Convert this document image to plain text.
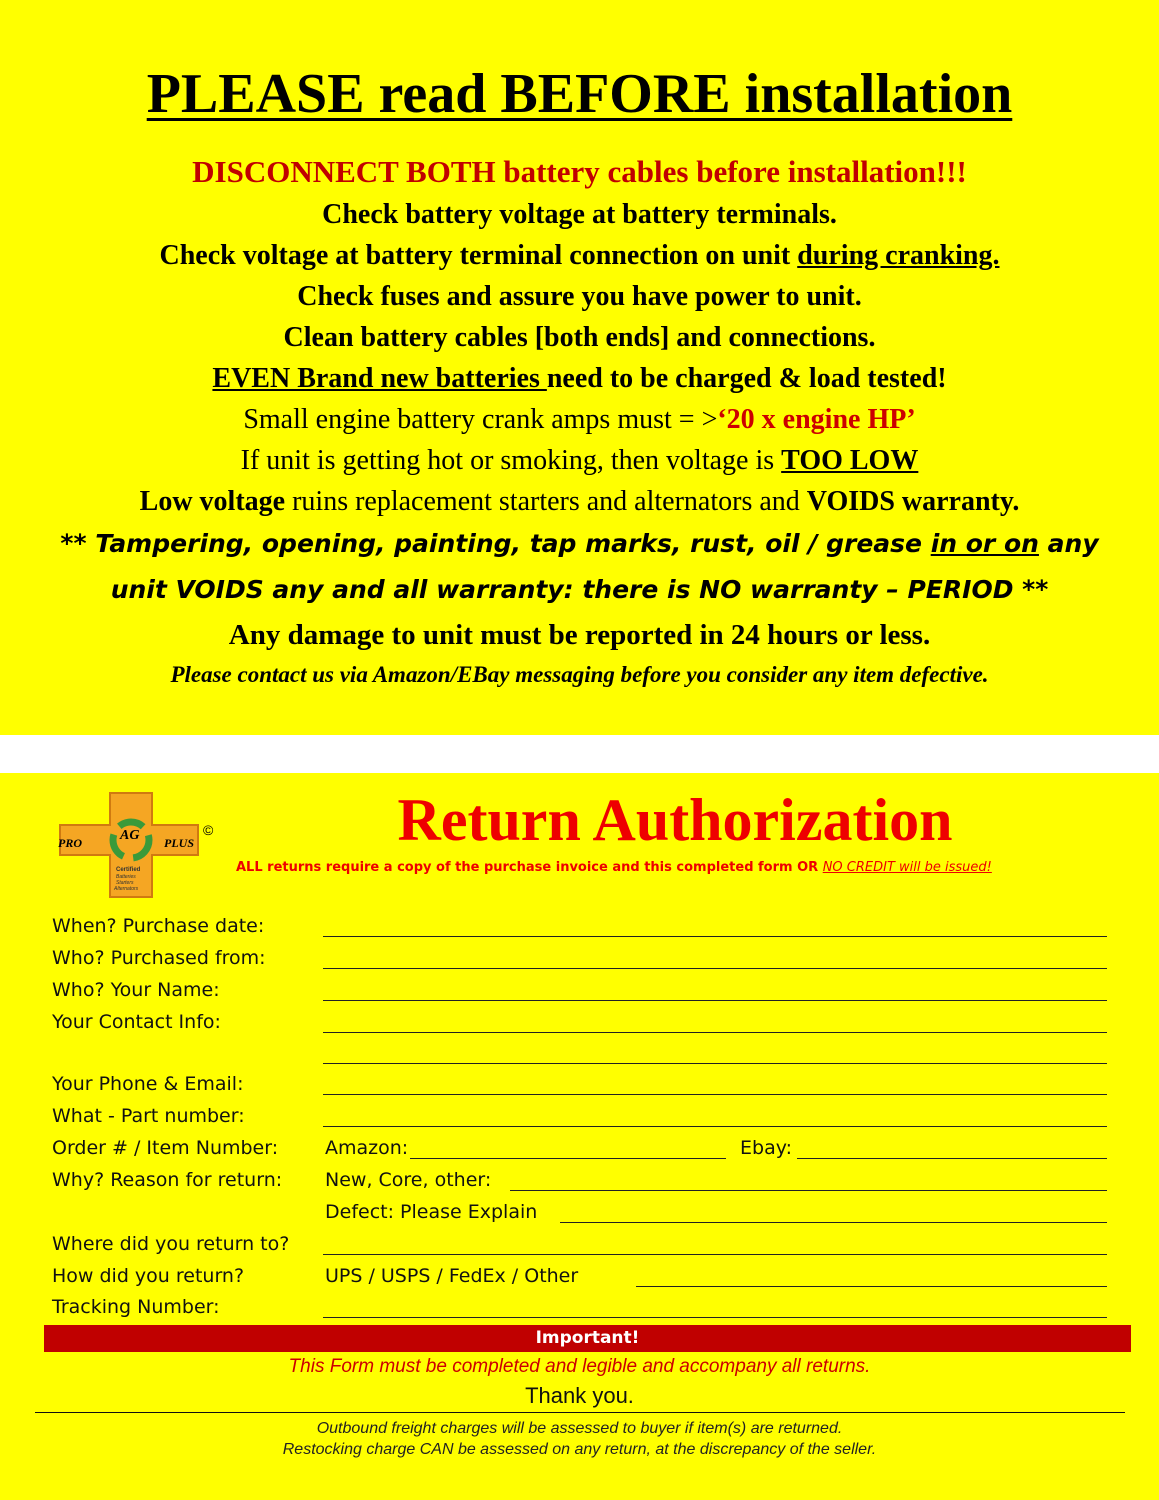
PLEASE read BEFORE installation
DISCONNECT BOTH battery cables before installation!!!
Check battery voltage at battery terminals.
Check voltage at battery terminal connection on unit during cranking.
Check fuses and assure you have power to unit.
Clean battery cables [both ends] and connections.
EVEN Brand new batteries need to be charged & load tested!
Small engine battery crank amps must = >‘20 x engine HP’
If unit is getting hot or smoking, then voltage is TOO LOW
Low voltage ruins replacement starters and alternators and VOIDS warranty.
** Tampering, opening, painting, tap marks, rust, oil / grease in or on any
unit VOIDS any and all warranty: there is NO warranty – PERIOD **
Any damage to unit must be reported in 24 hours or less.
Please contact us via Amazon/EBay messaging before you consider any item defective.
PRO	AG PLUS
Certified
Batteries
Starters
Alternators
©	Return Authorization
ALL returns require a copy of the purchase invoice and this completed form OR NO CREDIT will be issued!
When? Purchase date:
Who? Purchased from:
Who? Your Name:
Your Contact Info:
Your Phone & Email:
What - Part number:
Order # / Item Number: Amazon:	Ebay:
Why? Reason for return: New, Core, other:
Defect: Please Explain
Where did you return to?
How did you return?	UPS / USPS / FedEx / Other
Tracking Number:
Important!
This Form must be completed and legible and accompany all returns.
Thank you.
Outbound freight charges will be assessed to buyer if item(s) are returned.
Restocking charge CAN be assessed on any return, at the discrepancy of the seller.
